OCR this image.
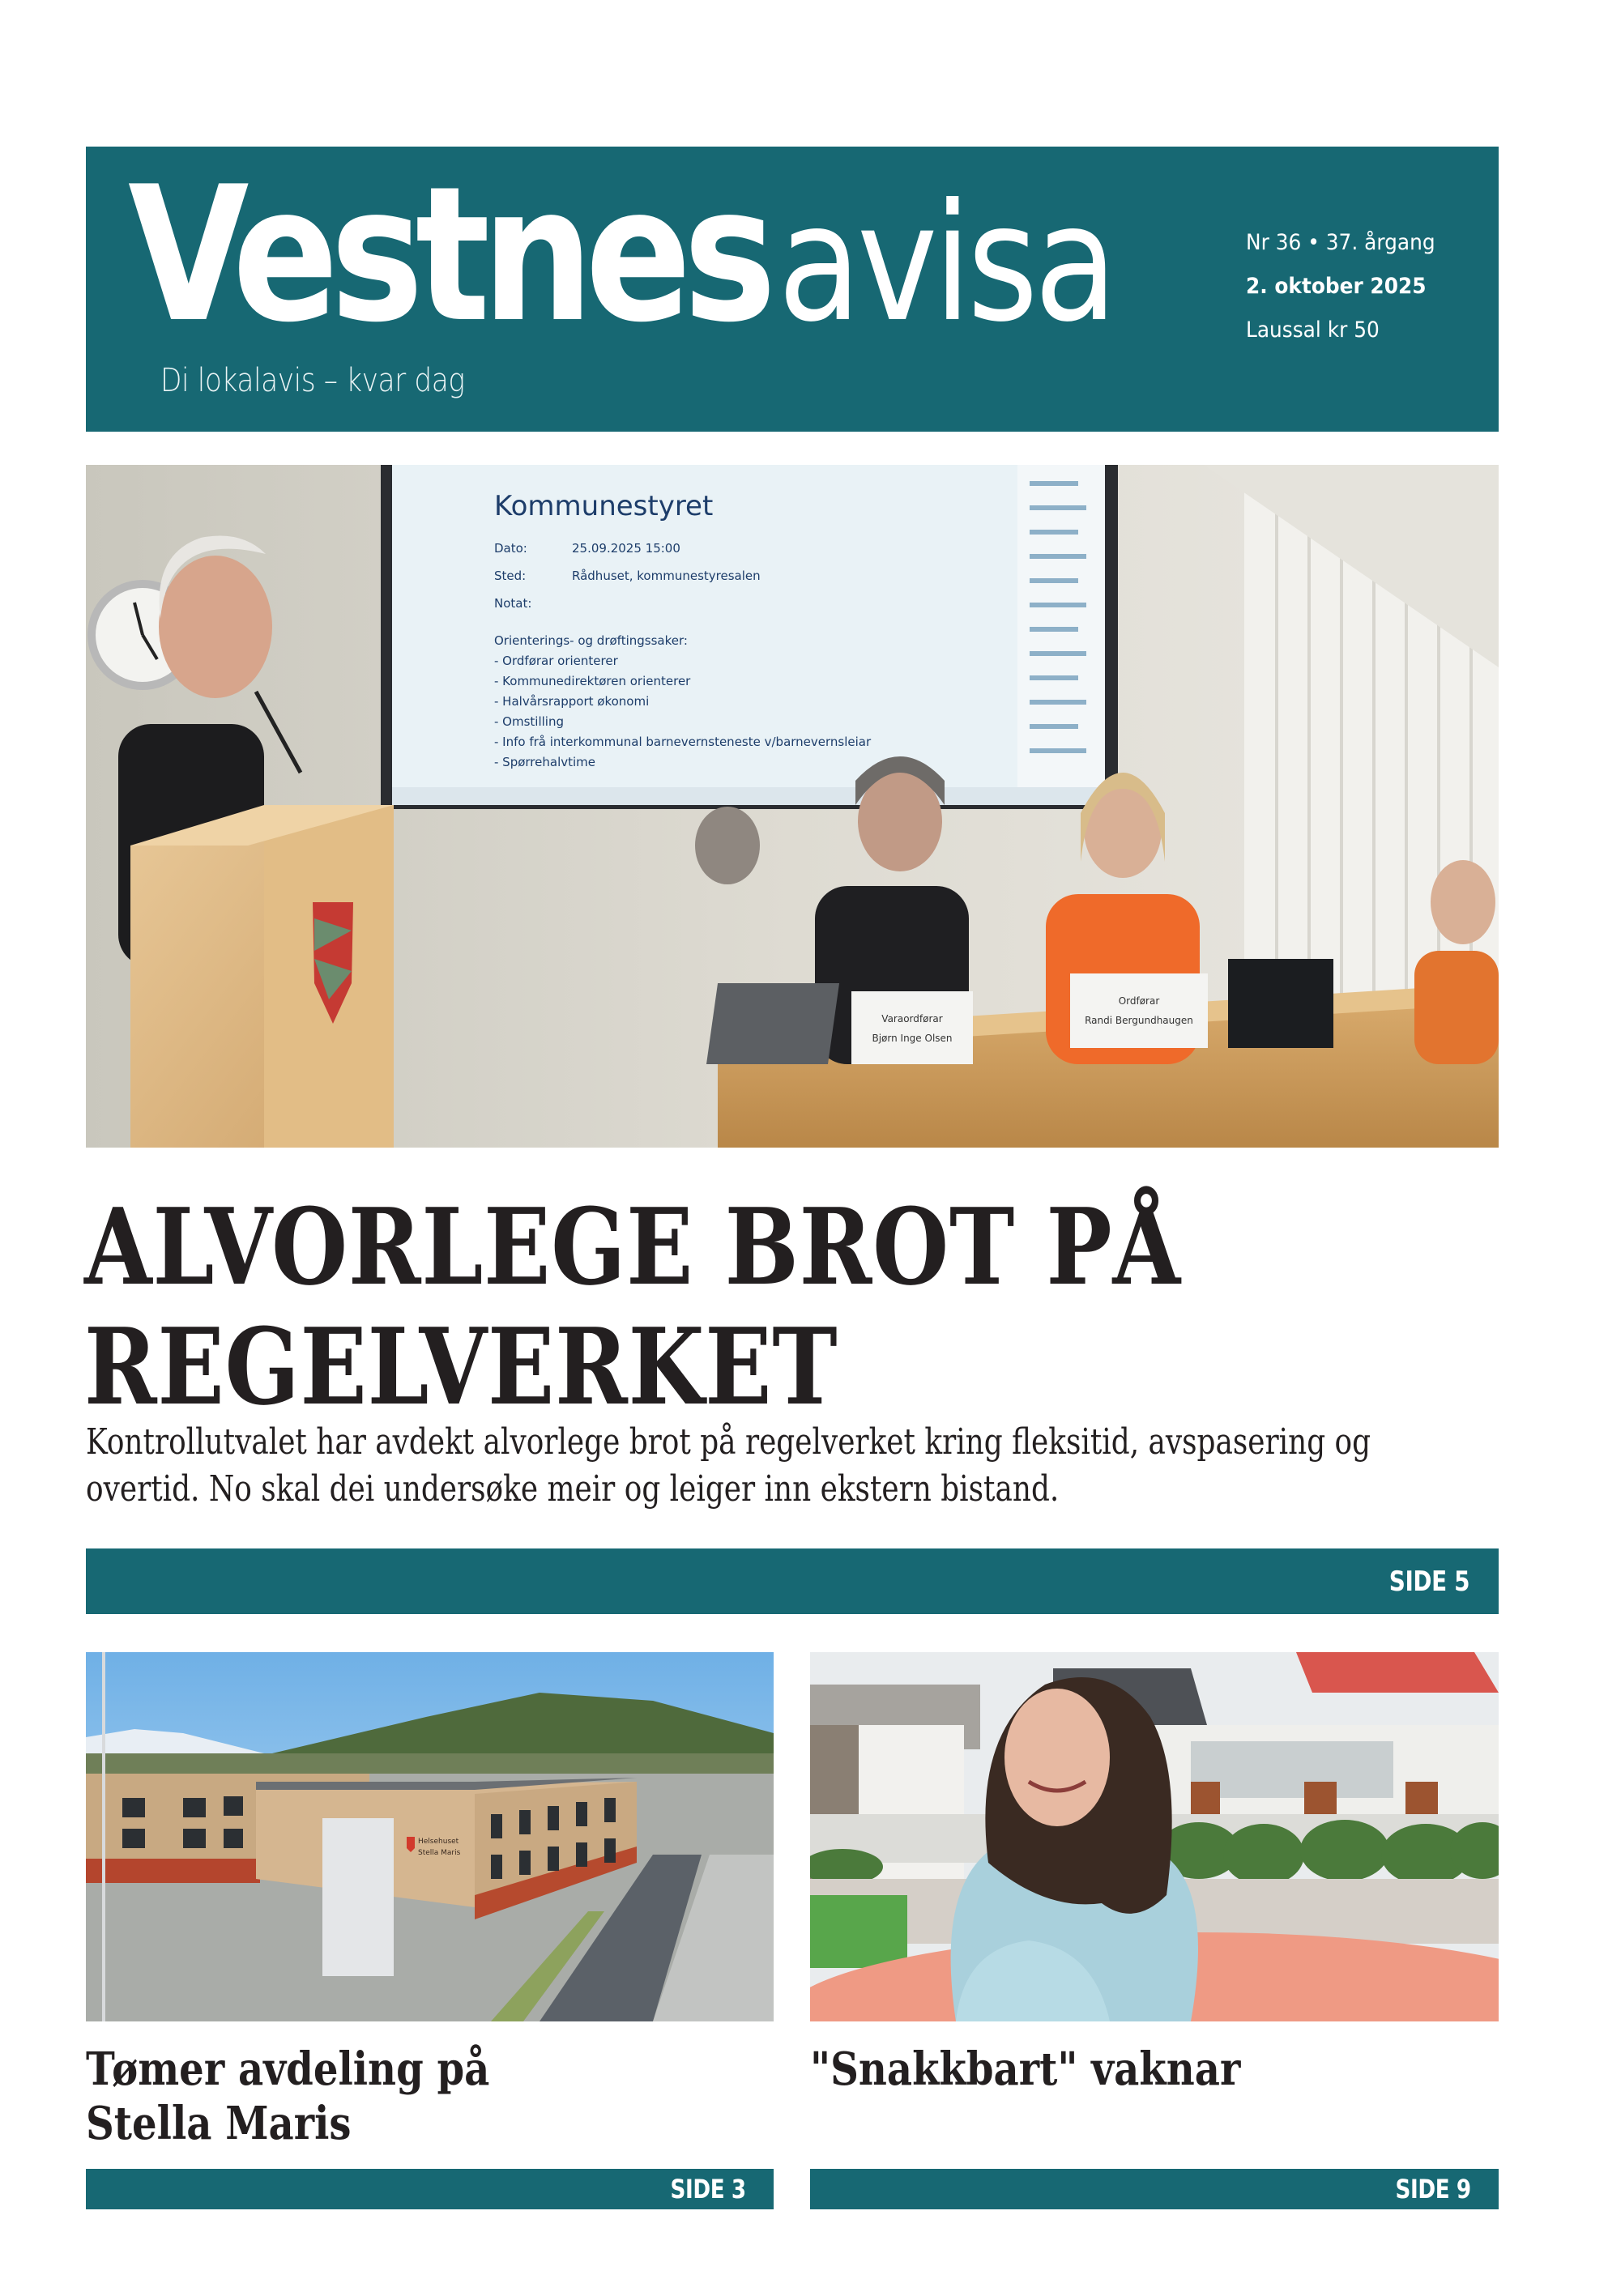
Vestnesavisa
Di lokalavis – kvar dag
Nr 36 • 37. årgang
2. oktober 2025
Laussal kr 50
Kommunestyret
Dato:	25.09.2025 15:00
Sted:	Rådhuset, kommunestyresalen
Notat:
Orienterings- og drøftingssaker:
- Ordførar orienterer
- Kommunedirektøren orienterer
- Halvårsrapport økonomi
- Omstilling
- Info frå interkommunal barnevernsteneste v/barnevernsleiar
- Spørrehalvtime
Varaordførar
Bjørn Inge Olsen
Ordførar
Randi Bergundhaugen
ALVORLEGE BROT PÅ
REGELVERKET
Kontrollutvalet har avdekt alvorlege brot på regelverket kring fleksitid, avspasering og overtid. No skal dei undersøke meir og leiger inn ekstern bistand.
SIDE 5
Helsehuset
Stella Maris
Tømer avdeling på
Stella Maris
"Snakkbart" vaknar
SIDE 3	SIDE 9
